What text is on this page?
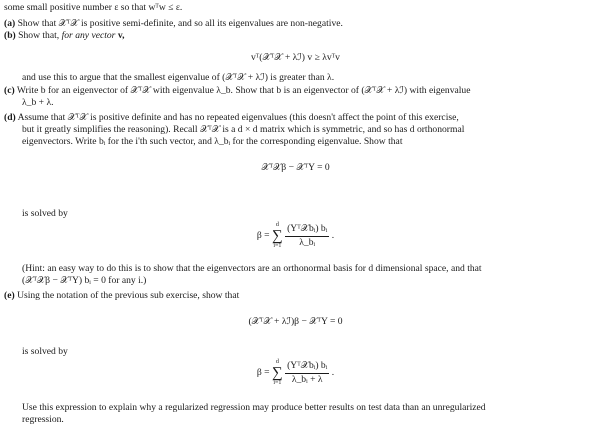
some small positive number ε so that wᵀw ≤ ε.
(a) Show that 𝒳ᵀ𝒳 is positive semi-definite, and so all its eigenvalues are non-negative.
(b) Show that, for any vector v,
vᵀ(𝒳ᵀ𝒳 + λℐ) v ≥ λvᵀv
and use this to argue that the smallest eigenvalue of (𝒳ᵀ𝒳 + λℐ) is greater than λ.
(c) Write b for an eigenvector of 𝒳ᵀ𝒳 with eigenvalue λ_b. Show that b is an eigenvector of (𝒳ᵀ𝒳 + λℐ) with eigenvalue
λ_b + λ.
(d) Assume that 𝒳ᵀ𝒳 is positive definite and has no repeated eigenvalues (this doesn't affect the point of this exercise,
but it greatly simplifies the reasoning). Recall 𝒳ᵀ𝒳 is a d × d matrix which is symmetric, and so has d orthonormal
eigenvectors. Write bᵢ for the i'th such vector, and λ_bᵢ for the corresponding eigenvalue. Show that
𝒳ᵀ𝒳β − 𝒳ᵀY = 0
is solved by
β =
d
∑
i=1
$\frac{\text{(Yᵀ𝒳bᵢ) bᵢ}}{\text{λ\_bᵢ}}$ .
(Hint: an easy way to do this is to show that the eigenvectors are an orthonormal basis for d dimensional space, and that
(𝒳ᵀ𝒳β − 𝒳ᵀY) bᵢ = 0 for any i.)
(e) Using the notation of the previous sub exercise, show that
(𝒳ᵀ𝒳 + λℐ)β − 𝒳ᵀY = 0
is solved by
β =
d
∑
i=1
$\frac{\text{(Yᵀ𝒳bᵢ) bᵢ}}{\text{λ\_bᵢ + λ}}$ .
Use this expression to explain why a regularized regression may produce better results on test data than an unregularized
regression.
